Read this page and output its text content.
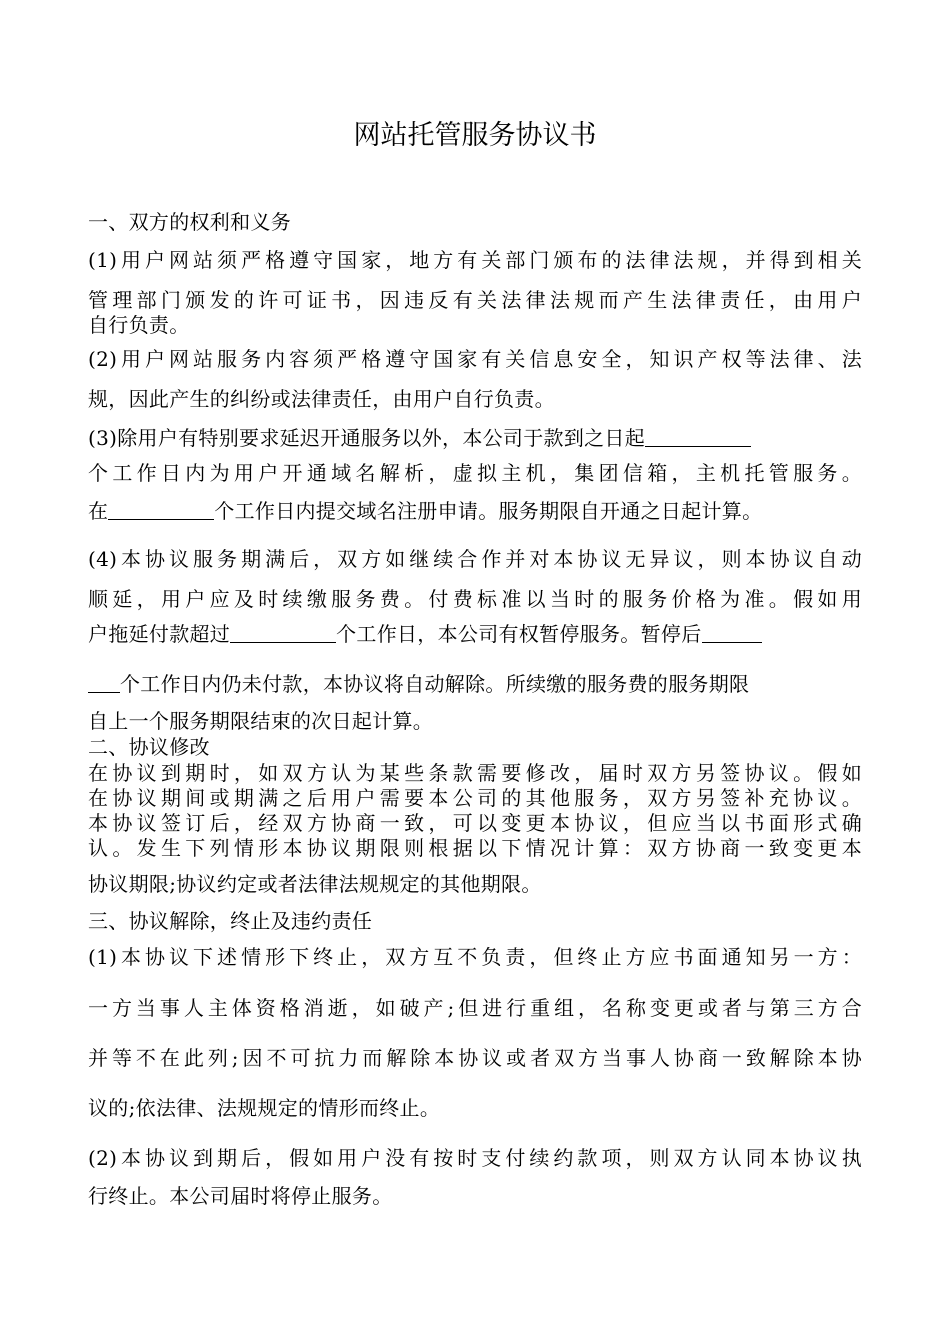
网站托管服务协议书
一、双方的权利和义务
(1)用户网站须严格遵守国家，地方有关部门颁布的法律法规，并得到相关
管理部门颁发的许可证书，因违反有关法律法规而产生法律责任，由用户
自行负责。
(2)用户网站服务内容须严格遵守国家有关信息安全，知识产权等法律、法
规，因此产生的纠纷或法律责任，由用户自行负责。
(3)除用户有特别要求延迟开通服务以外，本公司于款到之日起
个工作日内为用户开通域名解析，虚拟主机，集团信箱，主机托管服务。
在	个工作日内提交域名注册申请。服务期限自开通之日起计算。
(4)本协议服务期满后，双方如继续合作并对本协议无异议，则本协议自动
顺延，用户应及时续缴服务费。付费标准以当时的服务价格为准。假如用
户拖延付款超过	个工作日，本公司有权暂停服务。暂停后
个工作日内仍未付款，本协议将自动解除。所续缴的服务费的服务期限
自上一个服务期限结束的次日起计算。
二、协议修改
在协议到期时，如双方认为某些条款需要修改，届时双方另签协议。假如
在协议期间或期满之后用户需要本公司的其他服务，双方另签补充协议。
本协议签订后，经双方协商一致，可以变更本协议，但应当以书面形式确
认。发生下列情形本协议期限则根据以下情况计算：双方协商一致变更本
协议期限;协议约定或者法律法规规定的其他期限。
三、协议解除，终止及违约责任
(1)本协议下述情形下终止，双方互不负责，但终止方应书面通知另一方：
一方当事人主体资格消逝，如破产;但进行重组，名称变更或者与第三方合
并等不在此列;因不可抗力而解除本协议或者双方当事人协商一致解除本协
议的;依法律、法规规定的情形而终止。
(2)本协议到期后，假如用户没有按时支付续约款项，则双方认同本协议执
行终止。本公司届时将停止服务。
